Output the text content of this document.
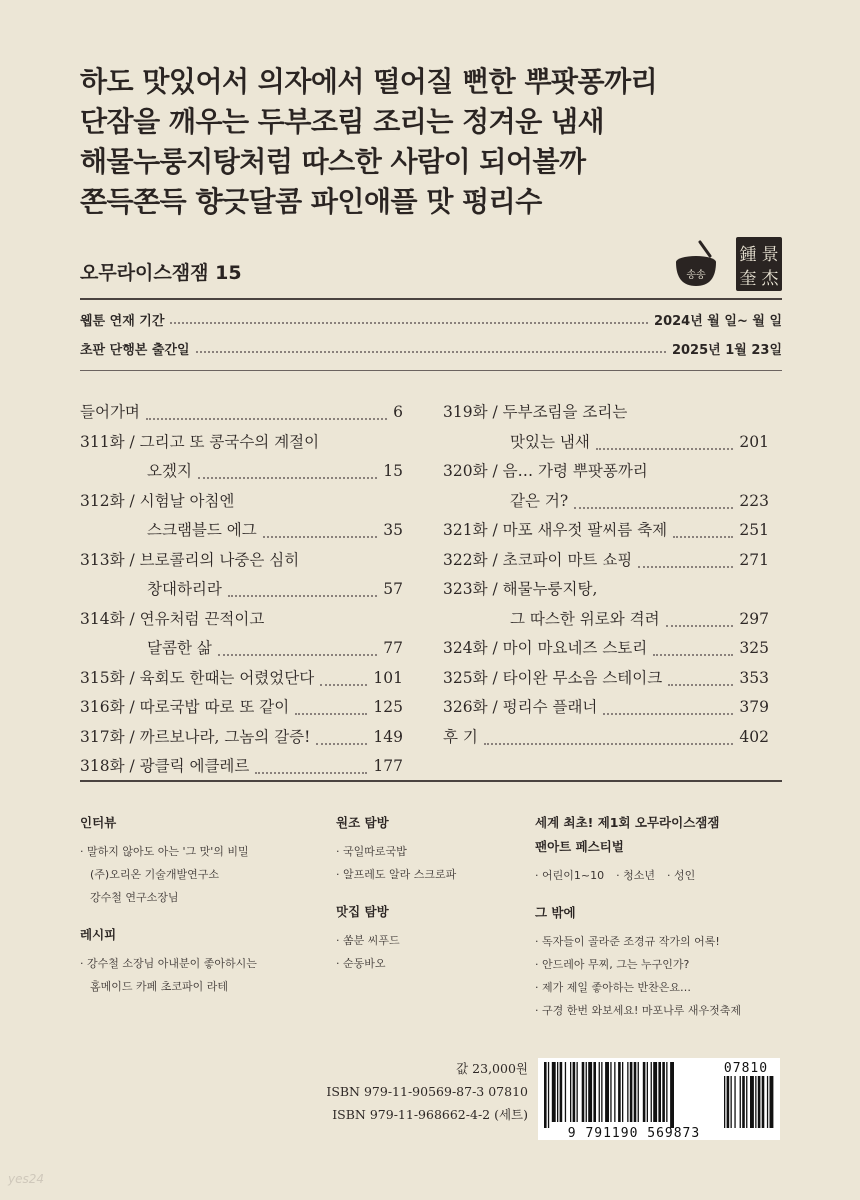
하도 맛있어서 의자에서 떨어질 뻔한 뿌팟퐁까리
단잠을 깨우는 두부조림 조리는 정겨운 냄새
해물누룽지탕처럼 따스한 사람이 되어볼까
쫀득쫀득 향긋달콤 파인애플 맛 펑리수
오무라이스잼잼 15	송송
鍾 景
奎 杰
웹툰 연재 기간	2024년 월 일~ 월 일
초판 단행본 출간일	2025년 1월 23일
들어가며	6
311화 / 그리고 또 콩국수의 계절이
오겠지	15
312화 / 시험날 아침엔
스크램블드 에그	35
313화 / 브로콜리의 나중은 심히
창대하리라	57
314화 / 연유처럼 끈적이고
달콤한 삶	77
315화 / 육회도 한때는 어렸었단다	101
316화 / 따로국밥 따로 또 같이	125
317화 / 까르보나라, 그놈의 갈증!	149
318화 / 광클릭 에클레르	177
319화 / 두부조림을 조리는
맛있는 냄새	201
320화 / 음… 가령 뿌팟퐁까리
같은 거?	223
321화 / 마포 새우젓 팔씨름 축제	251
322화 / 초코파이 마트 쇼핑	271
323화 / 해물누룽지탕,
그 따스한 위로와 격려	297
324화 / 마이 마요네즈 스토리	325
325화 / 타이완 무소음 스테이크	353
326화 / 펑리수 플래너	379
후 기	402
인터뷰
· 말하지 않아도 아는 '그 맛'의 비밀
(주)오리온 기술개발연구소
강수철 연구소장님
레시피
· 강수철 소장님 아내분이 좋아하시는
홈메이드 카페 초코파이 라테
원조 탐방
· 국일따로국밥
· 알프레도 알라 스크로파
맛집 탐방
· 쏨분 씨푸드
· 순동바오
세계 최초! 제1회 오무라이스잼잼
팬아트 페스티벌
· 어린이1~10 · 청소년 · 성인
그 밖에
· 독자들이 골라준 조경규 작가의 어록!
· 안드레아 무찌, 그는 누구인가?
· 제가 제일 좋아하는 반찬은요…
· 구경 한번 와보세요! 마포나루 새우젓축제
값 23,000원
ISBN 979-11-90569-87-3 07810
ISBN 979-11-968662-4-2 (세트)
9 791190 569873
07810
yes24
